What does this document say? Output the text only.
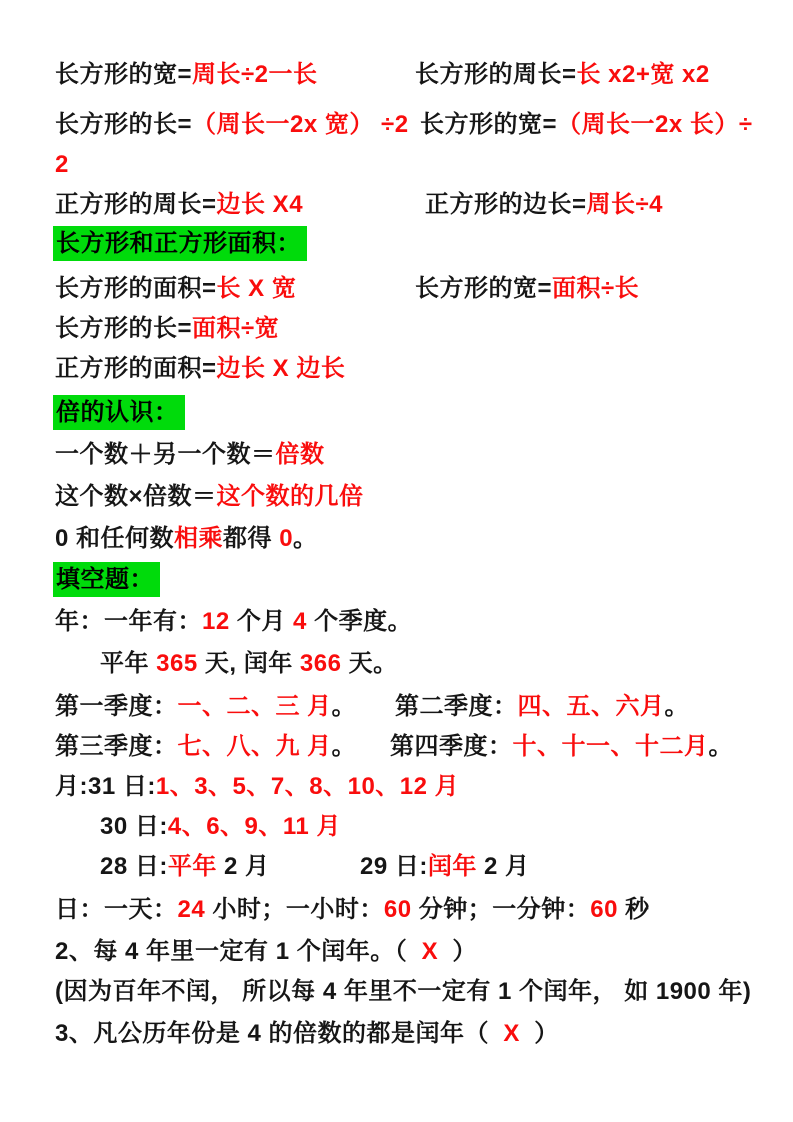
长方形的宽=周长÷2一长	长方形的周长=长 x2+宽 x2
长方形的长=（周长一2x 宽） ÷2 长方形的宽=（周长一2x 长）÷
2
正方形的周长=边长 X4	正方形的边长=周长÷4
长方形和正方形面积：
长方形的面积=长 X 宽	长方形的宽=面积÷长
长方形的长=面积÷宽
正方形的面积=边长 X 边长
倍的认识：
一个数＋另一个数＝倍数
这个数×倍数＝这个数的几倍
0 和任何数相乘都得 0。
填空题：
年：一年有：12 个月 4 个季度。
平年 365 天, 闰年 366 天。
第一季度：一、二、三 月。 第二季度：四、五、六月。
第三季度：七、八、九 月。 第四季度：十、十一、十二月。
月:31 日:1、3、5、7、8、10、12 月
30 日:4、6、9、11 月
28 日:平年 2 月	29 日:闰年 2 月
日：一天：24 小时；一小时：60 分钟；一分钟：60 秒
2、每 4 年里一定有 1 个闰年。（  X  ）
(因为百年不闰， 所以每 4 年里不一定有 1 个闰年， 如 1900 年)
3、凡公历年份是 4 的倍数的都是闰年（  X  ）
